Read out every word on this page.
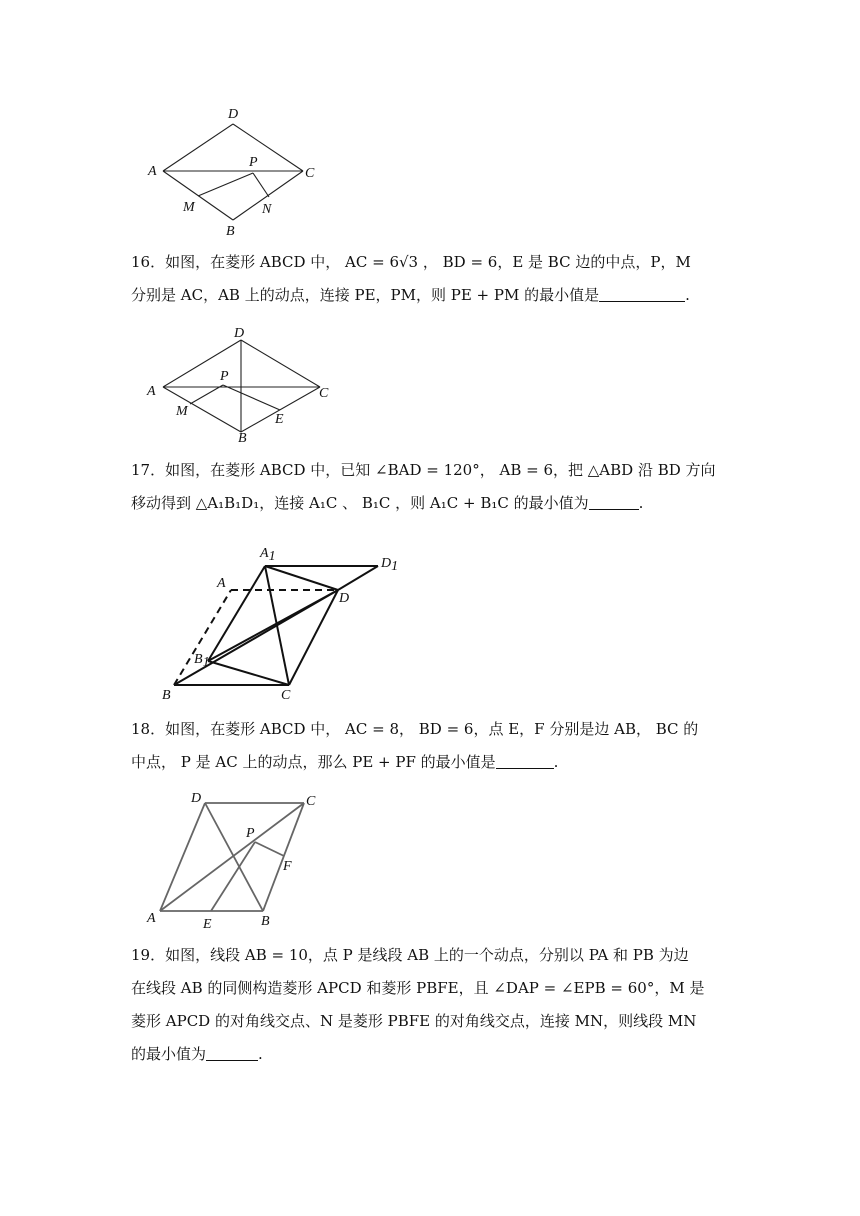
D
A
P
C
M	N
B
16．如图，在菱形 ABCD 中， AC = 6√3 ， BD = 6，E 是 BC 边的中点，P，M
分别是 AC，AB 上的动点，连接 PE，PM，则 PE + PM 的最小值是	.
D
A
P
C
M
E
B
17．如图，在菱形 ABCD 中，已知 ∠BAD = 120°， AB = 6，把 △ABD 沿 BD 方向
移动得到 △A₁B₁D₁，连接 A₁C 、 B₁C ，则 A₁C + B₁C 的最小值为	.
A1
A
D1
D
B1
B	C
18．如图，在菱形 ABCD 中， AC = 8， BD = 6，点 E，F 分别是边 AB， BC 的
中点， P 是 AC 上的动点，那么 PE + PF 的最小值是	.
D	C
P
F
A	E	B
19．如图，线段 AB = 10，点 P 是线段 AB 上的一个动点，分别以 PA 和 PB 为边
在线段 AB 的同侧构造菱形 APCD 和菱形 PBFE，且 ∠DAP = ∠EPB = 60°，M 是
菱形 APCD 的对角线交点、N 是菱形 PBFE 的对角线交点，连接 MN，则线段 MN
的最小值为	.
